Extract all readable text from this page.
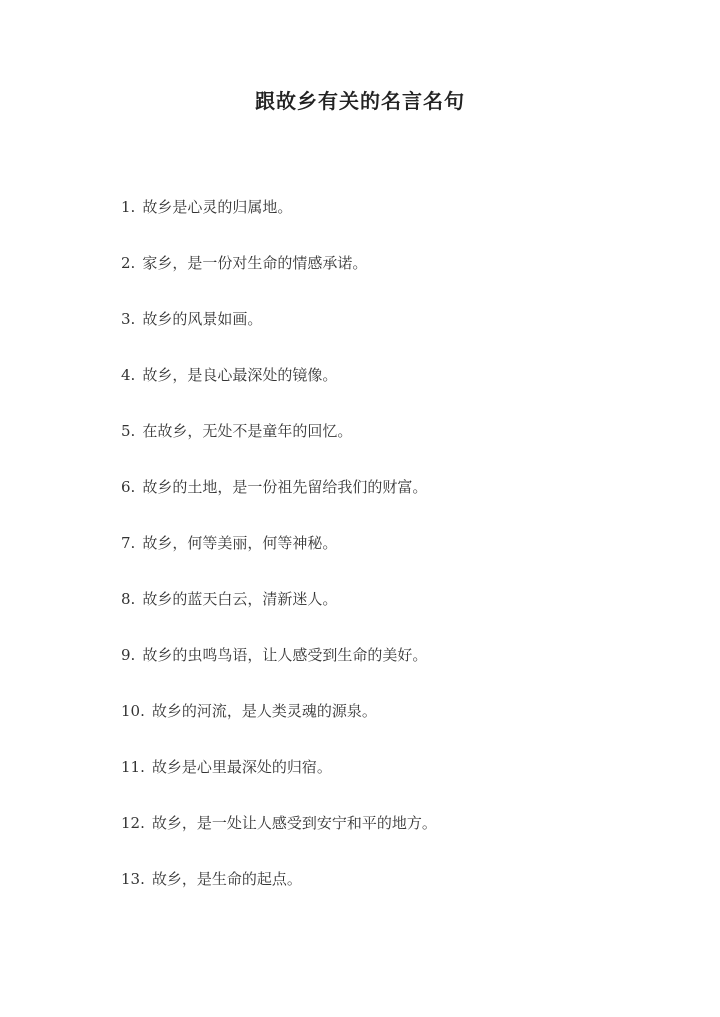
跟故乡有关的名言名句
1. 故乡是心灵的归属地。
2. 家乡，是一份对生命的情感承诺。
3. 故乡的风景如画。
4. 故乡，是良心最深处的镜像。
5. 在故乡，无处不是童年的回忆。
6. 故乡的土地，是一份祖先留给我们的财富。
7. 故乡，何等美丽，何等神秘。
8. 故乡的蓝天白云，清新迷人。
9. 故乡的虫鸣鸟语，让人感受到生命的美好。
10. 故乡的河流，是人类灵魂的源泉。
11. 故乡是心里最深处的归宿。
12. 故乡，是一处让人感受到安宁和平的地方。
13. 故乡，是生命的起点。
